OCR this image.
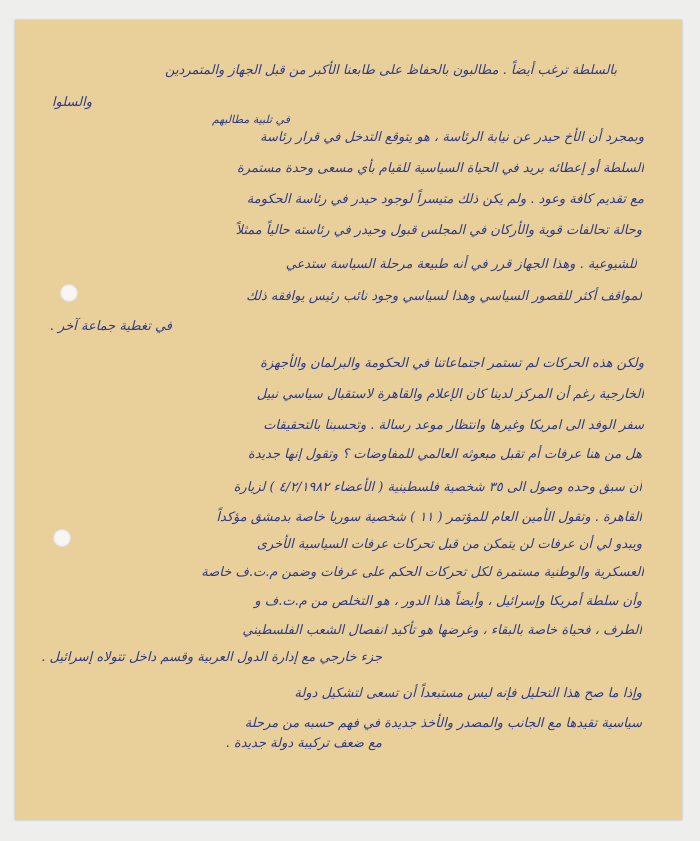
بالسلطة ترغب أيضاً . مطالبون بالحفاظ على طابعنا الأكبر من قبل الجهاز والمتمردين
والسلوا
في تلبية مطالبهم
وبمجرد أن الأخ حيدر عن نيابة الرئاسة ، هو يتوقع التدخل في قرار رئاسة
السلطة أو إعطائه بريد في الحياة السياسية للقيام بأي مسعى وحدة مستمرة
مع تقديم كافة وعود . ولم يكن ذلك متيسراً لوجود حيدر في رئاسة الحكومة
وحالة تحالفات قوية والأركان في المجلس قبول وحيدر في رئاسته حالياً ممثلاً
للشيوعية . وهذا الجهاز قرر في أنه طبيعة مرحلة السياسة ستدعي
لمواقف أكثر للقصور السياسي وهذا لسياسي وجود نائب رئيس يوافقه ذلك
في تغطية جماعة آخر .
ولكن هذه الحركات لم تستمر اجتماعاتنا في الحكومة والبرلمان والأجهزة
الخارجية رغم أن المركز لدينا كان الإعلام والقاهرة لاستقبال سياسي نبيل
سفر الوفد الى امريكا وغيرها وانتظار موعد رسالة . وتحسبنا بالتحقيقات
هل من هنا عرفات أم تقبل مبعوثه العالمي للمفاوضات ؟ وتقول إنها جديدة
أن سبق وحده وصول الى ٣٥ شخصية فلسطينية ( الأعضاء ٤/٢/١٩٨٢ ) لزيارة
القاهرة . وتقول الأمين العام للمؤتمر ( ١١ ) شخصية سوريا خاصة بدمشق مؤكداً
ويبدو لي أن عرفات لن يتمكن من قبل تحركات عرفات السياسية الأخرى
العسكرية والوطنية مستمرة لكل تحركات الحكم على عرفات وضمن م.ت.ف خاصة
وأن سلطة أمريكا وإسرائيل ، وأيضاً هذا الدور ، هو التخلص من م.ت.ف و
الطرف ، فحياة خاصة بالبقاء ، وغرضها هو تأكيد انفصال الشعب الفلسطيني
جزء خارجي مع إدارة الدول العربية وقسم داخل تتولاه إسرائيل .
وإذا ما صح هذا التحليل فإنه ليس مستبعداً أن تسعى لتشكيل دولة
سياسية تقيدها مع الجانب والمصدر والأخذ جديدة في فهم حسبه من مرحلة
مع ضعف تركيبة دولة جديدة .
